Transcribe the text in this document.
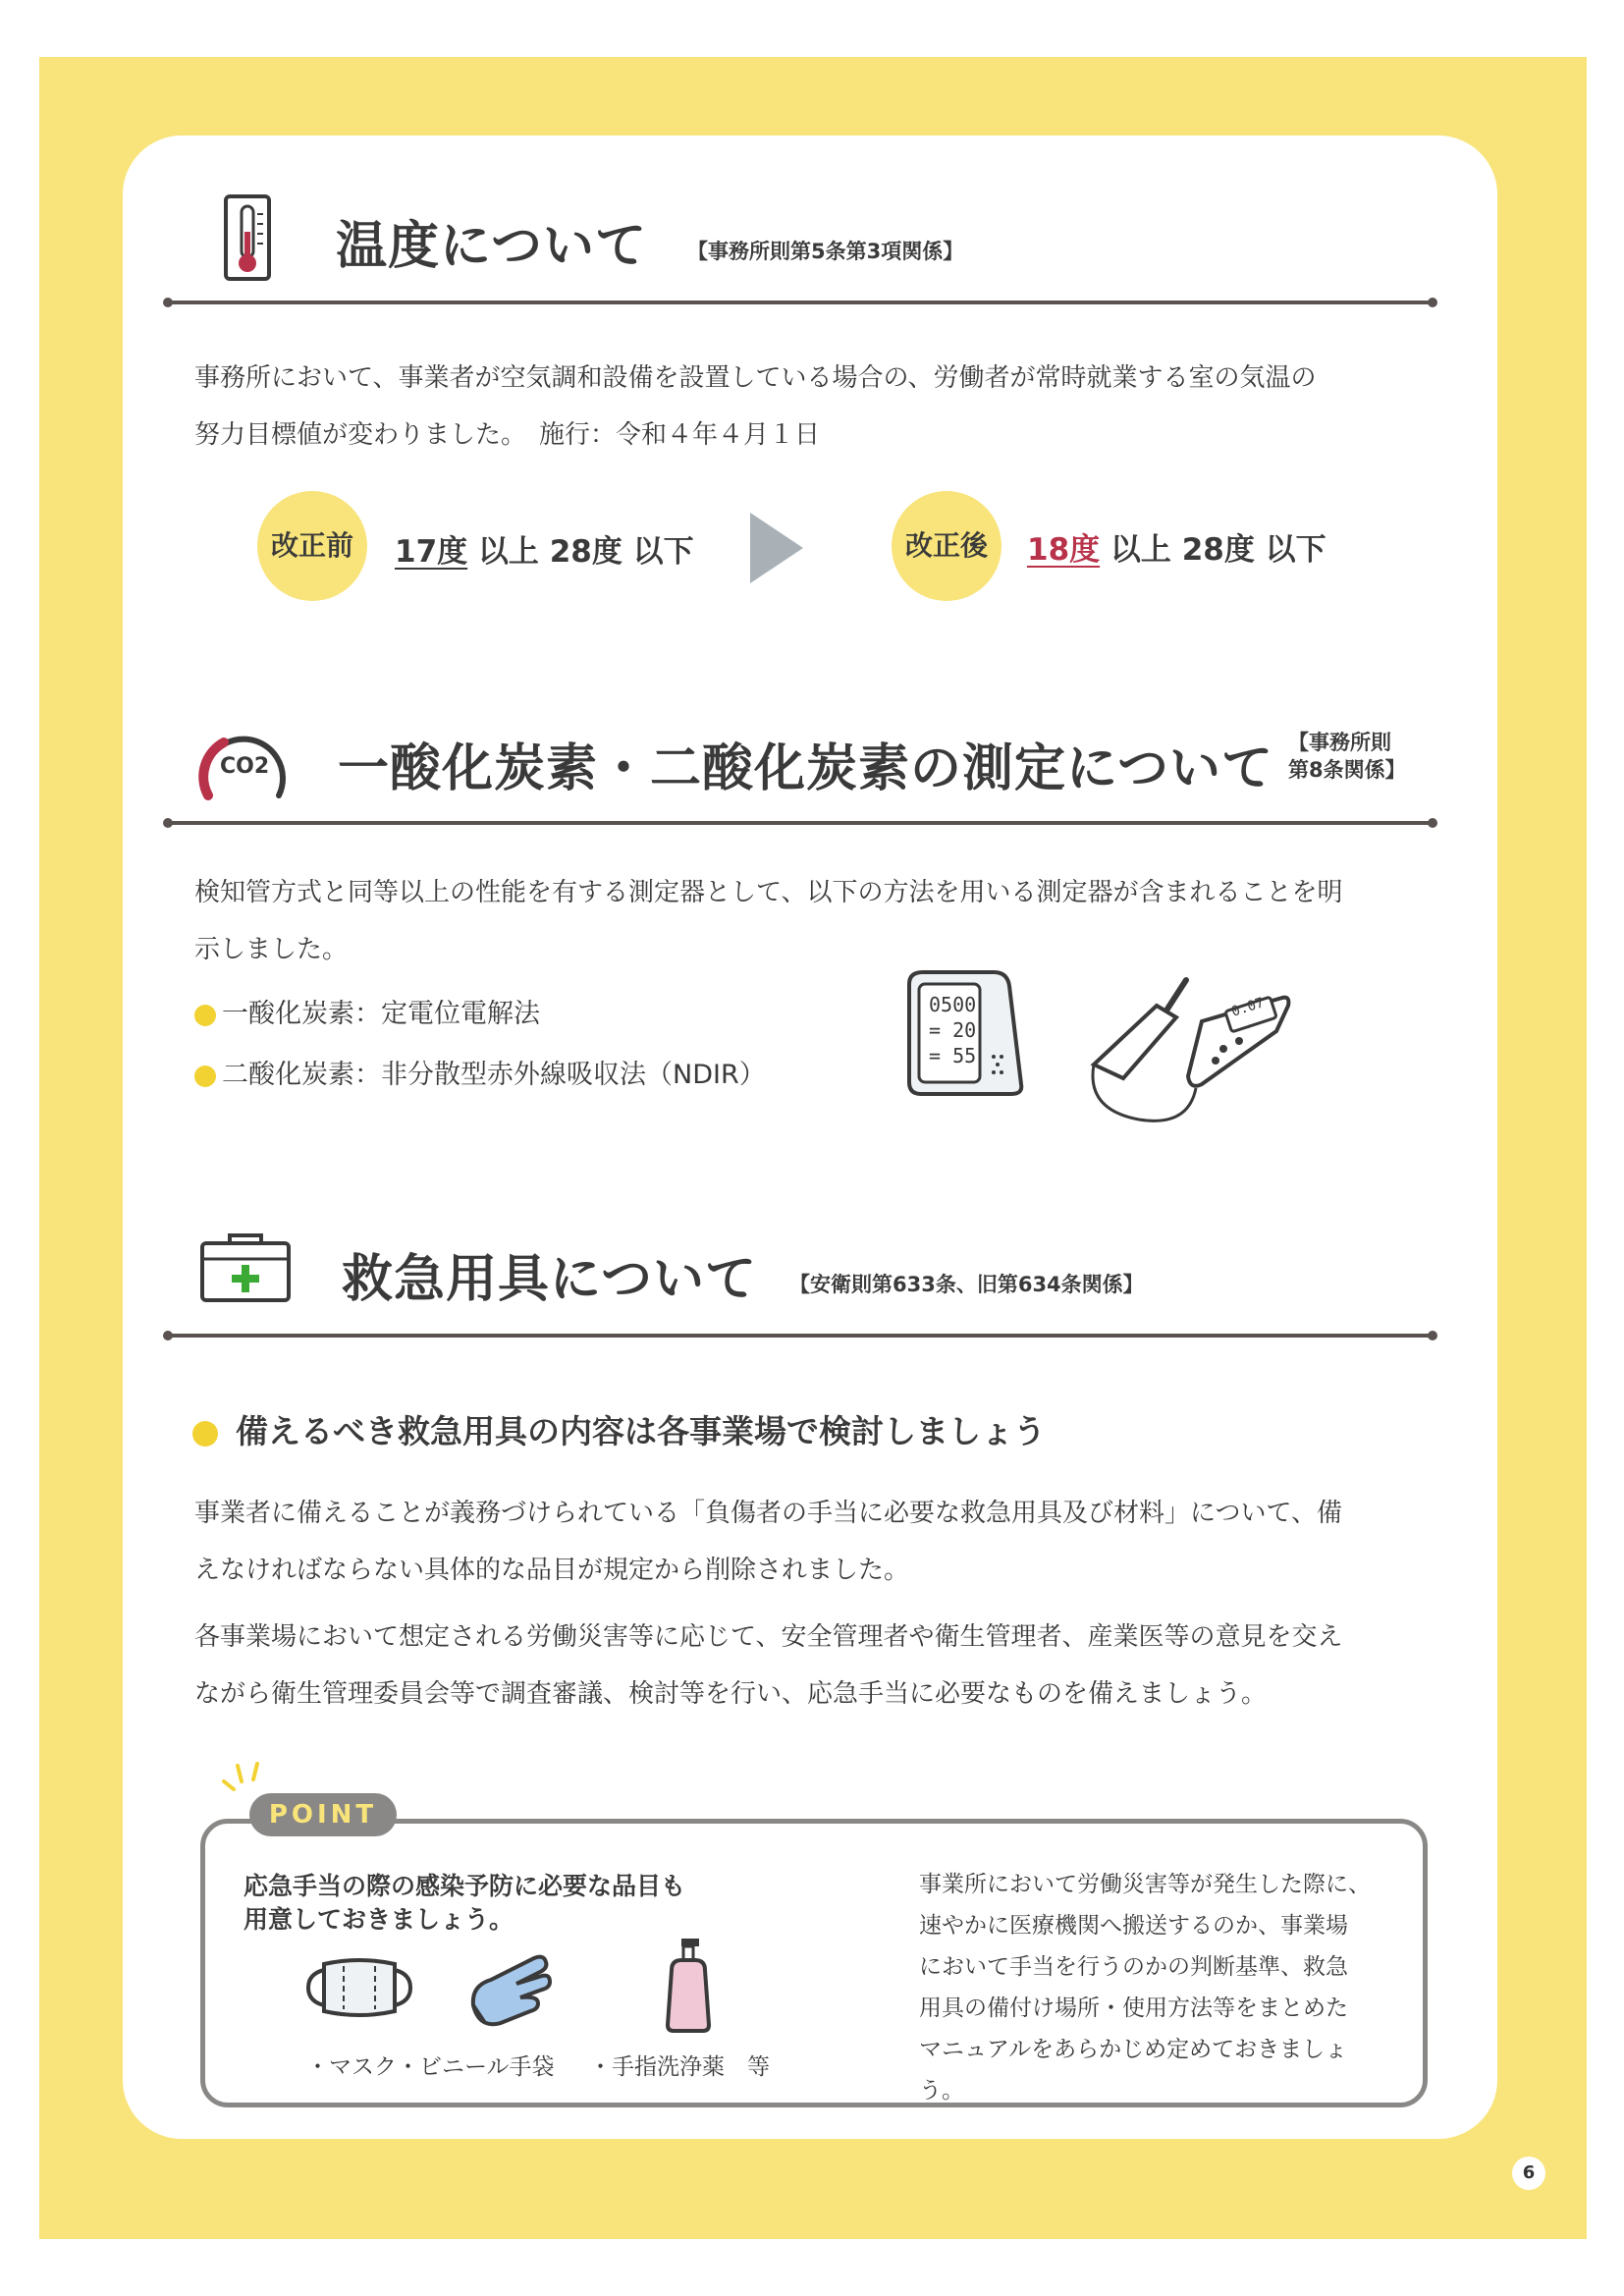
温度について 【事務所則第5条第3項関係】
事務所において、事業者が空気調和設備を設置している場合の、労働者が常時就業する室の気温の
努力目標値が変わりました。　施行：令和４年４月１日
改正前	17度 以上 28度 以下	改正後	18度 以上 28度 以下
CO2 一酸化炭素・二酸化炭素の測定について 【事務所則
第8条関係】
検知管方式と同等以上の性能を有する測定器として、以下の方法を用いる測定器が含まれることを明
示しました。
一酸化炭素：定電位電解法
二酸化炭素：非分散型赤外線吸収法（NDIR）
0500
= 20
= 55
0.07
救急用具について 【安衛則第633条、旧第634条関係】
備えるべき救急用具の内容は各事業場で検討しましょう
事業者に備えることが義務づけられている「負傷者の手当に必要な救急用具及び材料」について、備
えなければならない具体的な品目が規定から削除されました。
各事業場において想定される労働災害等に応じて、安全管理者や衛生管理者、産業医等の意見を交え
ながら衛生管理委員会等で調査審議、検討等を行い、応急手当に必要なものを備えましょう。
POINT
応急手当の際の感染予防に必要な品目も
用意しておきましょう。
・マスク・ビニール手袋 ・手指洗浄薬　等
事業所において労働災害等が発生した際に、
速やかに医療機関へ搬送するのか、事業場
において手当を行うのかの判断基準、救急
用具の備付け場所・使用方法等をまとめた
マニュアルをあらかじめ定めておきましょう。
6
